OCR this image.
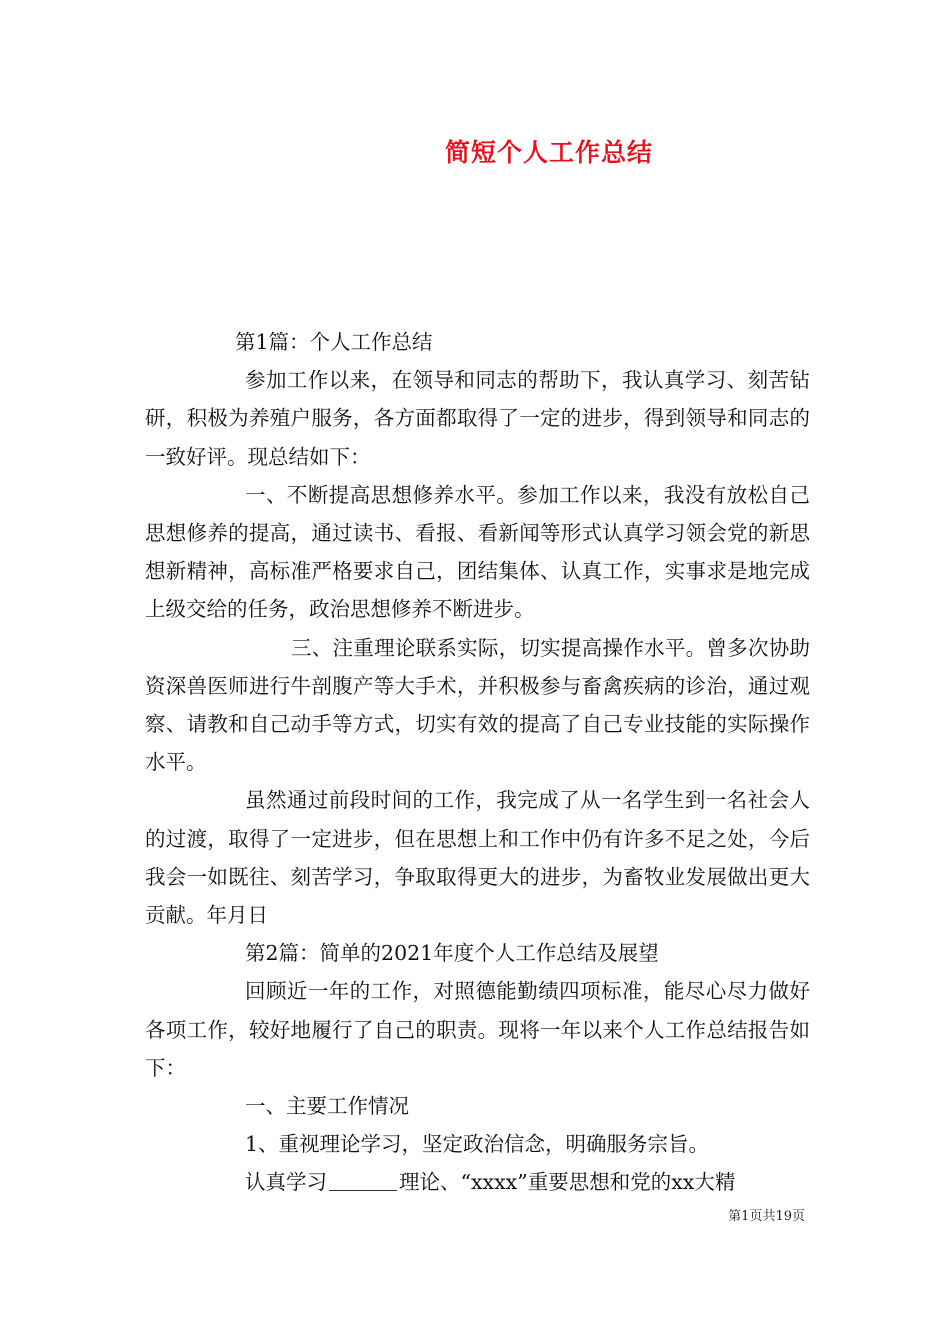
简短个人工作总结

第1篇：个人工作总结

参加工作以来，在领导和同志的帮助下，我认真学习、刻苦钻研，积极为养殖户服务，各方面都取得了一定的进步，得到领导和同志的一致好评。现总结如下：

一、不断提高思想修养水平。参加工作以来，我没有放松自己思想修养的提高，通过读书、看报、看新闻等形式认真学习领会党的新思想新精神，高标准严格要求自己，团结集体、认真工作，实事求是地完成上级交给的任务，政治思想修养不断进步。

三、注重理论联系实际，切实提高操作水平。曾多次协助资深兽医师进行牛剖腹产等大手术，并积极参与畜禽疾病的诊治，通过观察、请教和自己动手等方式，切实有效的提高了自己专业技能的实际操作水平。

虽然通过前段时间的工作，我完成了从一名学生到一名社会人的过渡，取得了一定进步，但在思想上和工作中仍有许多不足之处，今后我会一如既往、刻苦学习，争取取得更大的进步，为畜牧业发展做出更大贡献。年月日

第2篇：简单的2021年度个人工作总结及展望

回顾近一年的工作，对照德能勤绩四项标准，能尽心尽力做好各项工作，较好地履行了自己的职责。现将一年以来个人工作总结报告如下：

一、主要工作情况

1、重视理论学习，坚定政治信念，明确服务宗旨。

认真学习	理论、“xxxx”重要思想和党的xx大精

第1页共19页
